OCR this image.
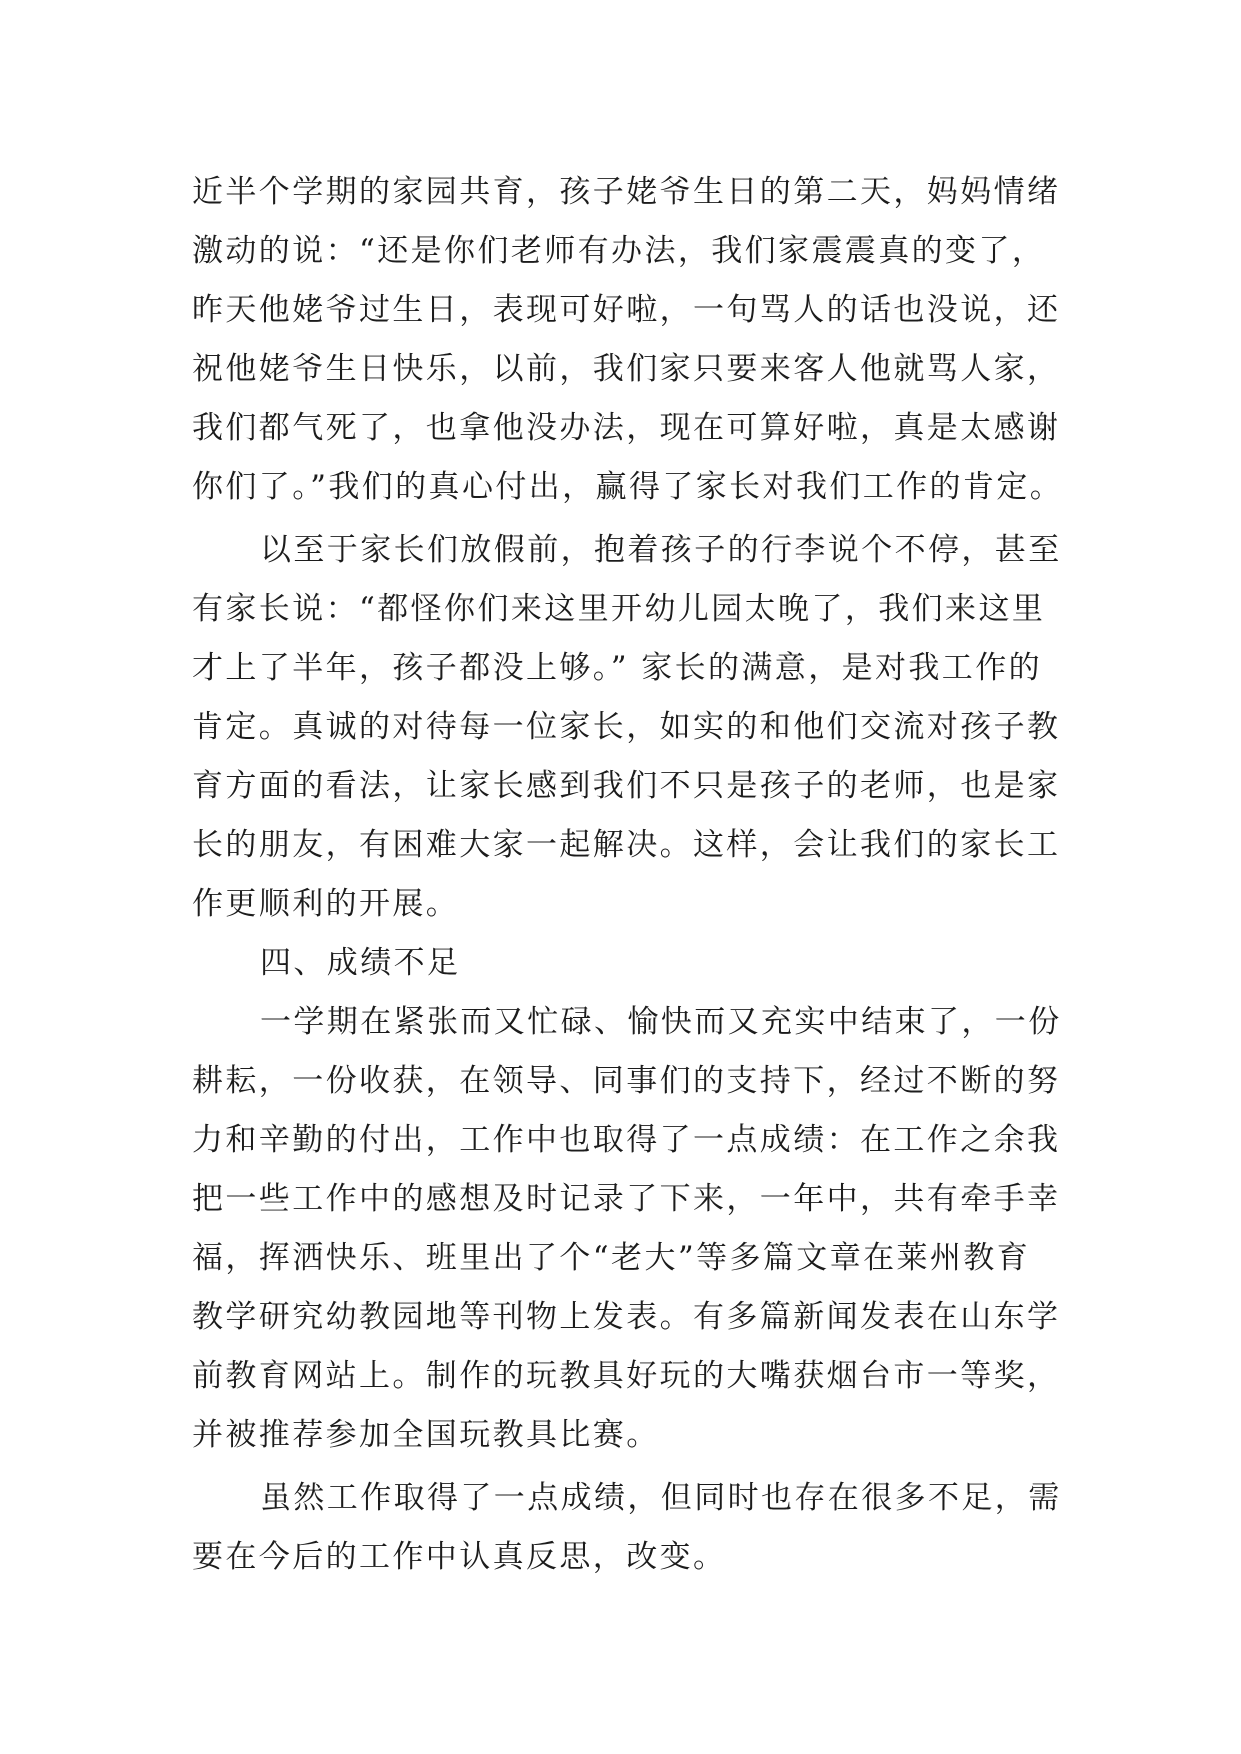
近半个学期的家园共育，孩子姥爷生日的第二天，妈妈情绪
激动的说：“还是你们老师有办法，我们家震震真的变了，
昨天他姥爷过生日，表现可好啦，一句骂人的话也没说，还
祝他姥爷生日快乐，以前，我们家只要来客人他就骂人家，
我们都气死了，也拿他没办法，现在可算好啦，真是太感谢
你们了。”我们的真心付出，赢得了家长对我们工作的肯定。
以至于家长们放假前，抱着孩子的行李说个不停，甚至
有家长说：“都怪你们来这里开幼儿园太晚了，我们来这里
才上了半年，孩子都没上够。” 家长的满意，是对我工作的
肯定。真诚的对待每一位家长，如实的和他们交流对孩子教
育方面的看法，让家长感到我们不只是孩子的老师，也是家
长的朋友，有困难大家一起解决。这样，会让我们的家长工
作更顺利的开展。
四、成绩不足
一学期在紧张而又忙碌、愉快而又充实中结束了，一份
耕耘，一份收获，在领导、同事们的支持下，经过不断的努
力和辛勤的付出，工作中也取得了一点成绩：在工作之余我
把一些工作中的感想及时记录了下来，一年中，共有牵手幸
福，挥洒快乐、班里出了个“老大”等多篇文章在莱州教育
教学研究幼教园地等刊物上发表。有多篇新闻发表在山东学
前教育网站上。制作的玩教具好玩的大嘴获烟台市一等奖，
并被推荐参加全国玩教具比赛。
虽然工作取得了一点成绩，但同时也存在很多不足，需
要在今后的工作中认真反思，改变。
